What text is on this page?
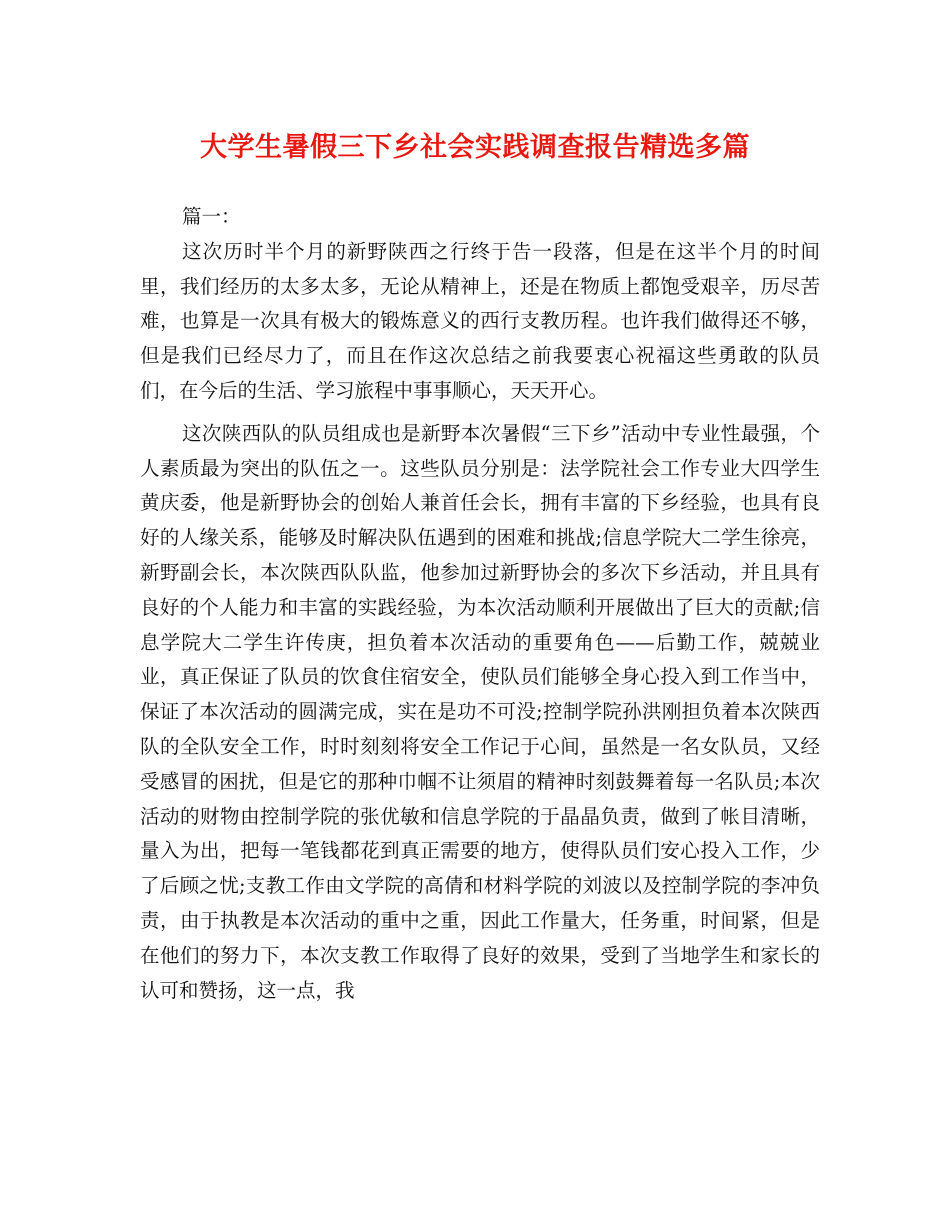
大学生暑假三下乡社会实践调查报告精选多篇

篇一：

这次历时半个月的新野陕西之行终于告一段落，但是在这半个月的时间里，我们经历的太多太多，无论从精神上，还是在物质上都饱受艰辛，历尽苦难，也算是一次具有极大的锻炼意义的西行支教历程。也许我们做得还不够，但是我们已经尽力了，而且在作这次总结之前我要衷心祝福这些勇敢的队员们，在今后的生活、学习旅程中事事顺心，天天开心。

这次陕西队的队员组成也是新野本次暑假“三下乡”活动中专业性最强，个人素质最为突出的队伍之一。这些队员分别是：法学院社会工作专业大四学生黄庆委，他是新野协会的创始人兼首任会长，拥有丰富的下乡经验，也具有良好的人缘关系，能够及时解决队伍遇到的困难和挑战;信息学院大二学生徐亮，新野副会长，本次陕西队队监，他参加过新野协会的多次下乡活动，并且具有良好的个人能力和丰富的实践经验，为本次活动顺利开展做出了巨大的贡献;信息学院大二学生许传庚，担负着本次活动的重要角色——后勤工作，兢兢业业，真正保证了队员的饮食住宿安全，使队员们能够全身心投入到工作当中，保证了本次活动的圆满完成，实在是功不可没;控制学院孙洪刚担负着本次陕西队的全队安全工作，时时刻刻将安全工作记于心间，虽然是一名女队员，又经受感冒的困扰，但是它的那种巾帼不让须眉的精神时刻鼓舞着每一名队员;本次活动的财物由控制学院的张优敏和信息学院的于晶晶负责，做到了帐目清晰，量入为出，把每一笔钱都花到真正需要的地方，使得队员们安心投入工作，少了后顾之忧;支教工作由文学院的高倩和材料学院的刘波以及控制学院的李冲负责，由于执教是本次活动的重中之重，因此工作量大，任务重，时间紧，但是在他们的努力下，本次支教工作取得了良好的效果，受到了当地学生和家长的认可和赞扬，这一点，我
